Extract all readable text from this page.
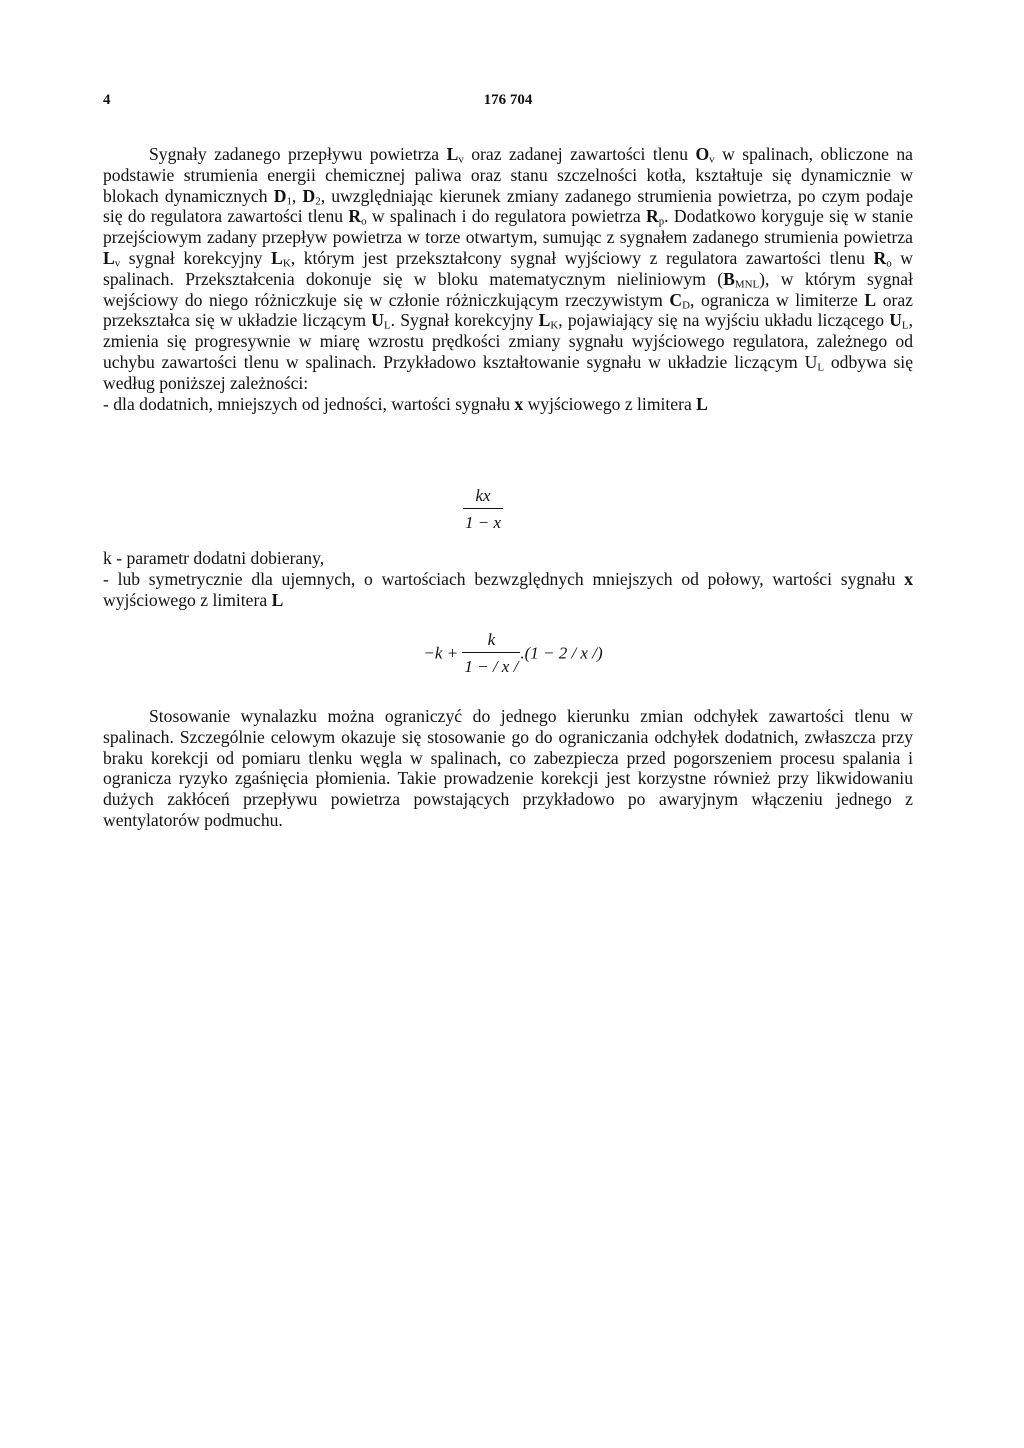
4	176 704

Sygnały zadanego przepływu powietrza $L_v$ oraz zadanej zawartości tlenu $O_v$ w spalinach, obliczone na podstawie strumienia energii chemicznej paliwa oraz stanu szczelności kotła, kształtuje się dynamicznie w blokach dynamicznych $D_1$, $D_2$, uwzględniając kierunek zmiany zadanego strumienia powietrza, po czym podaje się do regulatora zawartości tlenu $R_o$ w spalinach i do regulatora powietrza $R_p$. Dodatkowo koryguje się w stanie przejściowym zadany przepływ powietrza w torze otwartym, sumując z sygnałem zadanego strumienia powietrza $L_v$ sygnał korekcyjny $L_K$, którym jest przekształcony sygnał wyjściowy z regulatora zawartości tlenu $R_o$ w spalinach. Przekształcenia dokonuje się w bloku matematycznym nieliniowym $(B_{MNL})$, w którym sygnał wejściowy do niego różniczkuje się w członie różniczkującym rzeczywistym $C_D$, ogranicza w limiterze L oraz przekształca się w układzie liczącym $U_L$. Sygnał korekcyjny $L_K$, pojawiający się na wyjściu układu liczącego $U_L$, zmienia się progresywnie w miarę wzrostu prędkości zmiany sygnału wyjściowego regulatora, zależnego od uchybu zawartości tlenu w spalinach. Przykładowo kształtowanie sygnału w układzie liczącym $U_L$ odbywa się według poniższej zależności:

- dla dodatnich, mniejszych od jedności, wartości sygnału x wyjściowego z limitera L

$\frac{kx}{1 - x}$

k - parametr dodatni dobierany,

- lub symetrycznie dla ujemnych, o wartościach bezwzględnych mniejszych od połowy, wartości sygnału x wyjściowego z limitera L

$-k + \frac{k}{1 - / x /} .(1 - 2 / x$ /)

Stosowanie wynalazku można ograniczyć do jednego kierunku zmian odchyłek zawartości tlenu w spalinach. Szczególnie celowym okazuje się stosowanie go do ograniczania odchyłek dodatnich, zwłaszcza przy braku korekcji od pomiaru tlenku węgla w spalinach, co zabezpiecza przed pogorszeniem procesu spalania i ogranicza ryzyko zgaśnięcia płomienia. Takie prowadzenie korekcji jest korzystne również przy likwidowaniu dużych zakłóceń przepływu powietrza powstających przykładowo po awaryjnym włączeniu jednego z wentylatorów podmuchu.
